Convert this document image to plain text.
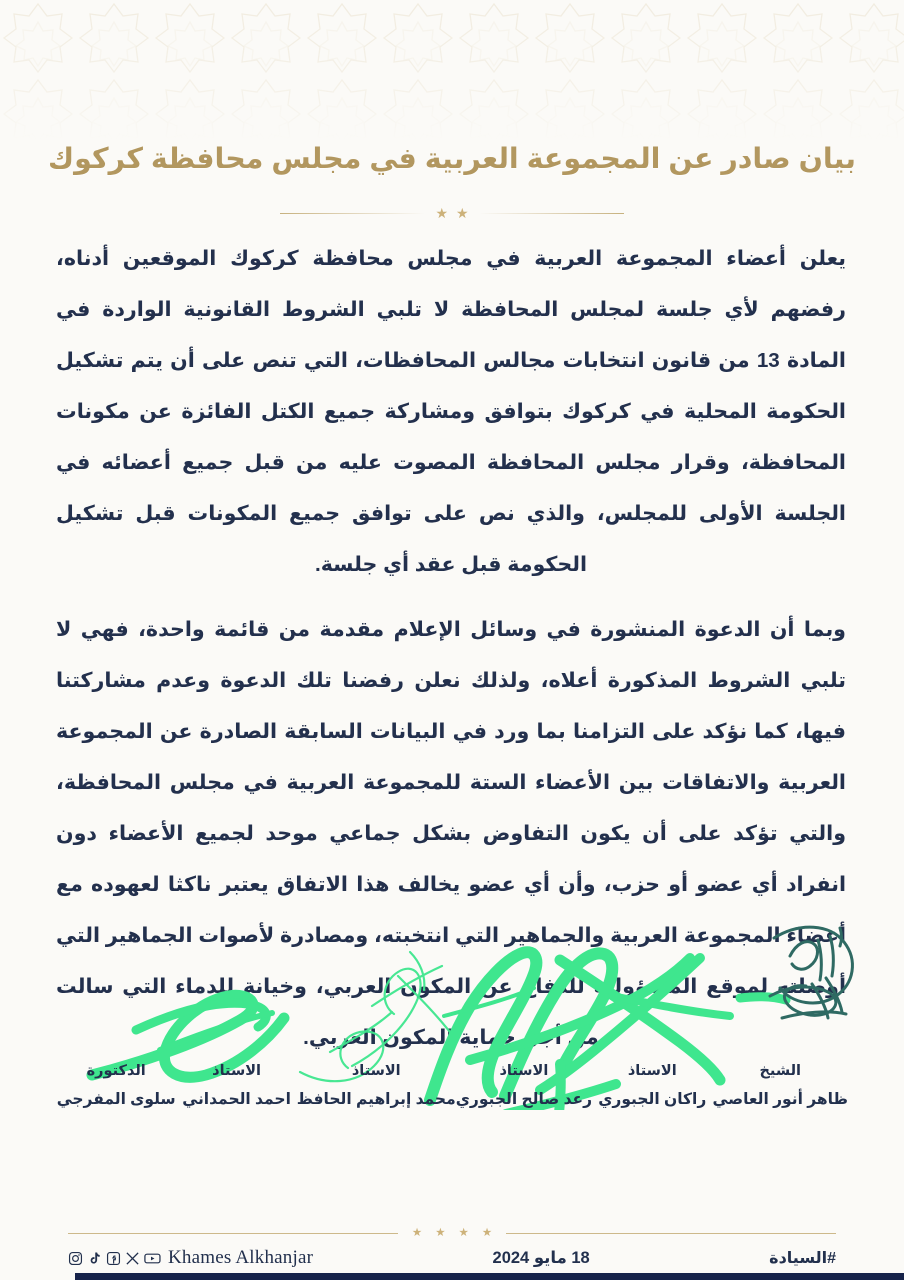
بيان صادر عن المجموعة العربية في مجلس محافظة كركوك
★
★

يعلن أعضاء المجموعة العربية في مجلس محافظة كركوك الموقعين أدناه، رفضهم لأي جلسة لمجلس المحافظة لا تلبي الشروط القانونية الواردة في المادة 13 من قانون انتخابات مجالس المحافظات، التي تنص على أن يتم تشكيل الحكومة المحلية في كركوك بتوافق ومشاركة جميع الكتل الفائزة عن مكونات المحافظة، وقرار مجلس المحافظة المصوت عليه من قبل جميع أعضائه في الجلسة الأولى للمجلس، والذي نص على توافق جميع المكونات قبل تشكيل الحكومة قبل عقد أي جلسة.

وبما أن الدعوة المنشورة في وسائل الإعلام مقدمة من قائمة واحدة، فهي لا تلبي الشروط المذكورة أعلاه، ولذلك نعلن رفضنا تلك الدعوة وعدم مشاركتنا فيها، كما نؤكد على التزامنا بما ورد في البيانات السابقة الصادرة عن المجموعة العربية والاتفاقات بين الأعضاء الستة للمجموعة العربية في مجلس المحافظة، والتي تؤكد على أن يكون التفاوض بشكل جماعي موحد لجميع الأعضاء دون انفراد أي عضو أو حزب، وأن أي عضو يخالف هذا الاتفاق يعتبر ناكثا لعهوده مع أعضاء المجموعة العربية والجماهير التي انتخبته، ومصادرة لأصوات الجماهير التي أوصلته لموقع المسؤولية للدفاع عن المكون العربي، وخيانة للدماء التي سالت من أجل حماية المكون العربي.

الدكتورة
سلوى المفرجي
الاستاذ
احمد الحمداني
الاستاذ
محمد إبراهيم الحافظ
الاستاذ
رعد صالح الجبوري
الاستاذ
راكان الجبوري
الشيخ
ظاهر أنور العاصي
★
★
★
★
#السيادة
18 مايو 2024
Khames Alkhanjar
